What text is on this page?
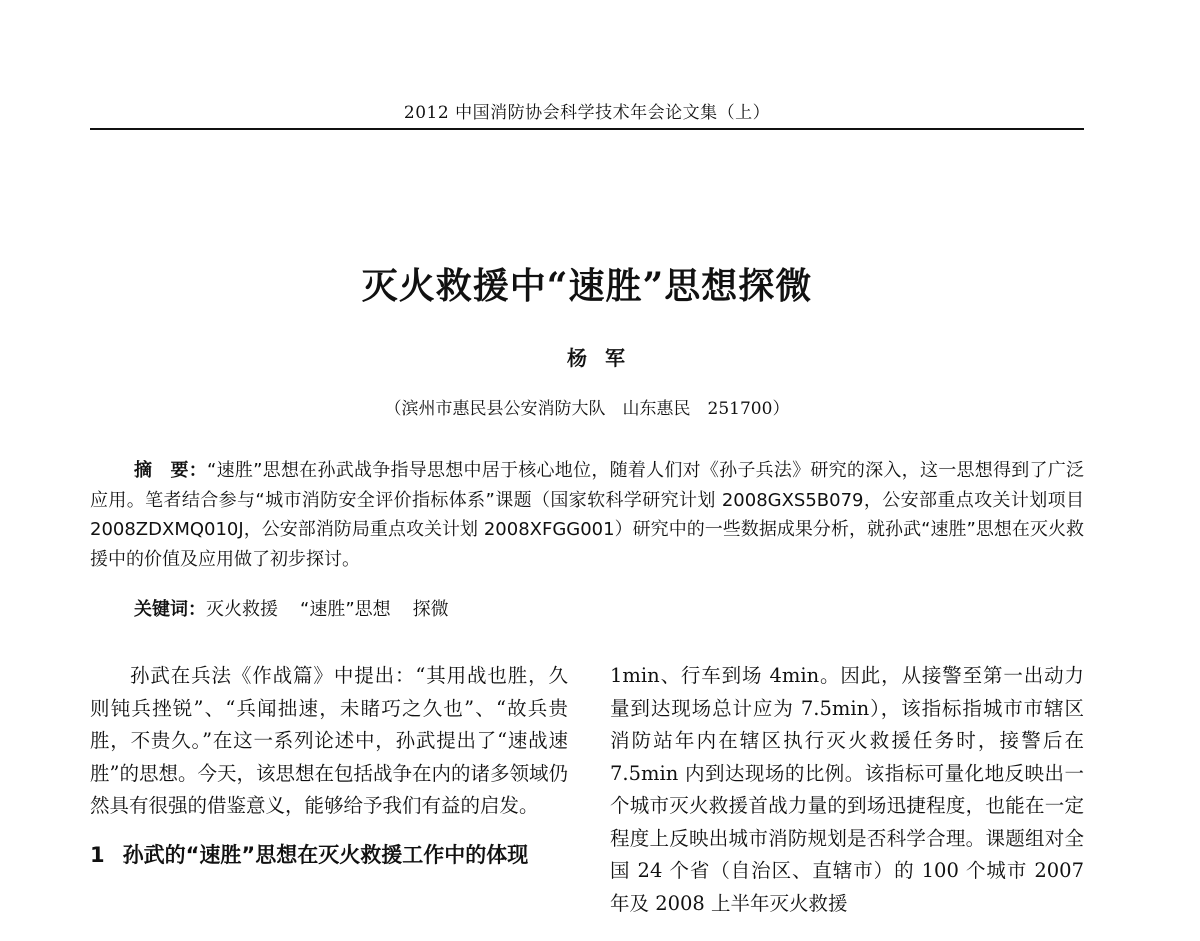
2012 中国消防协会科学技术年会论文集（上）
灭火救援中“速胜”思想探微
杨军
（滨州市惠民县公安消防大队　山东惠民　251700）
摘　要：“速胜”思想在孙武战争指导思想中居于核心地位，随着人们对《孙子兵法》研究的深入，这一思想得到了广泛应用。笔者结合参与“城市消防安全评价指标体系”课题（国家软科学研究计划 2008GXS5B079，公安部重点攻关计划项目 2008ZDXMQ010J，公安部消防局重点攻关计划 2008XFGG001）研究中的一些数据成果分析，就孙武“速胜”思想在灭火救援中的价值及应用做了初步探讨。
关键词：灭火救援 “速胜”思想 探微

孙武在兵法《作战篇》中提出：“其用战也胜，久则钝兵挫锐”、“兵闻拙速，未睹巧之久也”、“故兵贵胜，不贵久。”在这一系列论述中，孙武提出了“速战速胜”的思想。今天，该思想在包括战争在内的诸多领域仍然具有很强的借鉴意义，能够给予我们有益的启发。

1 孙武的“速胜”思想在灭火救援工作中的体现

1min、行车到场 4min。因此，从接警至第一出动力量到达现场总计应为 7.5min），该指标指城市市辖区消防站年内在辖区执行灭火救援任务时，接警后在 7.5min 内到达现场的比例。该指标可量化地反映出一个城市灭火救援首战力量的到场迅捷程度，也能在一定程度上反映出城市消防规划是否科学合理。课题组对全国 24 个省（自治区、直辖市）的 100 个城市 2007 年及 2008 上半年灭火救援
